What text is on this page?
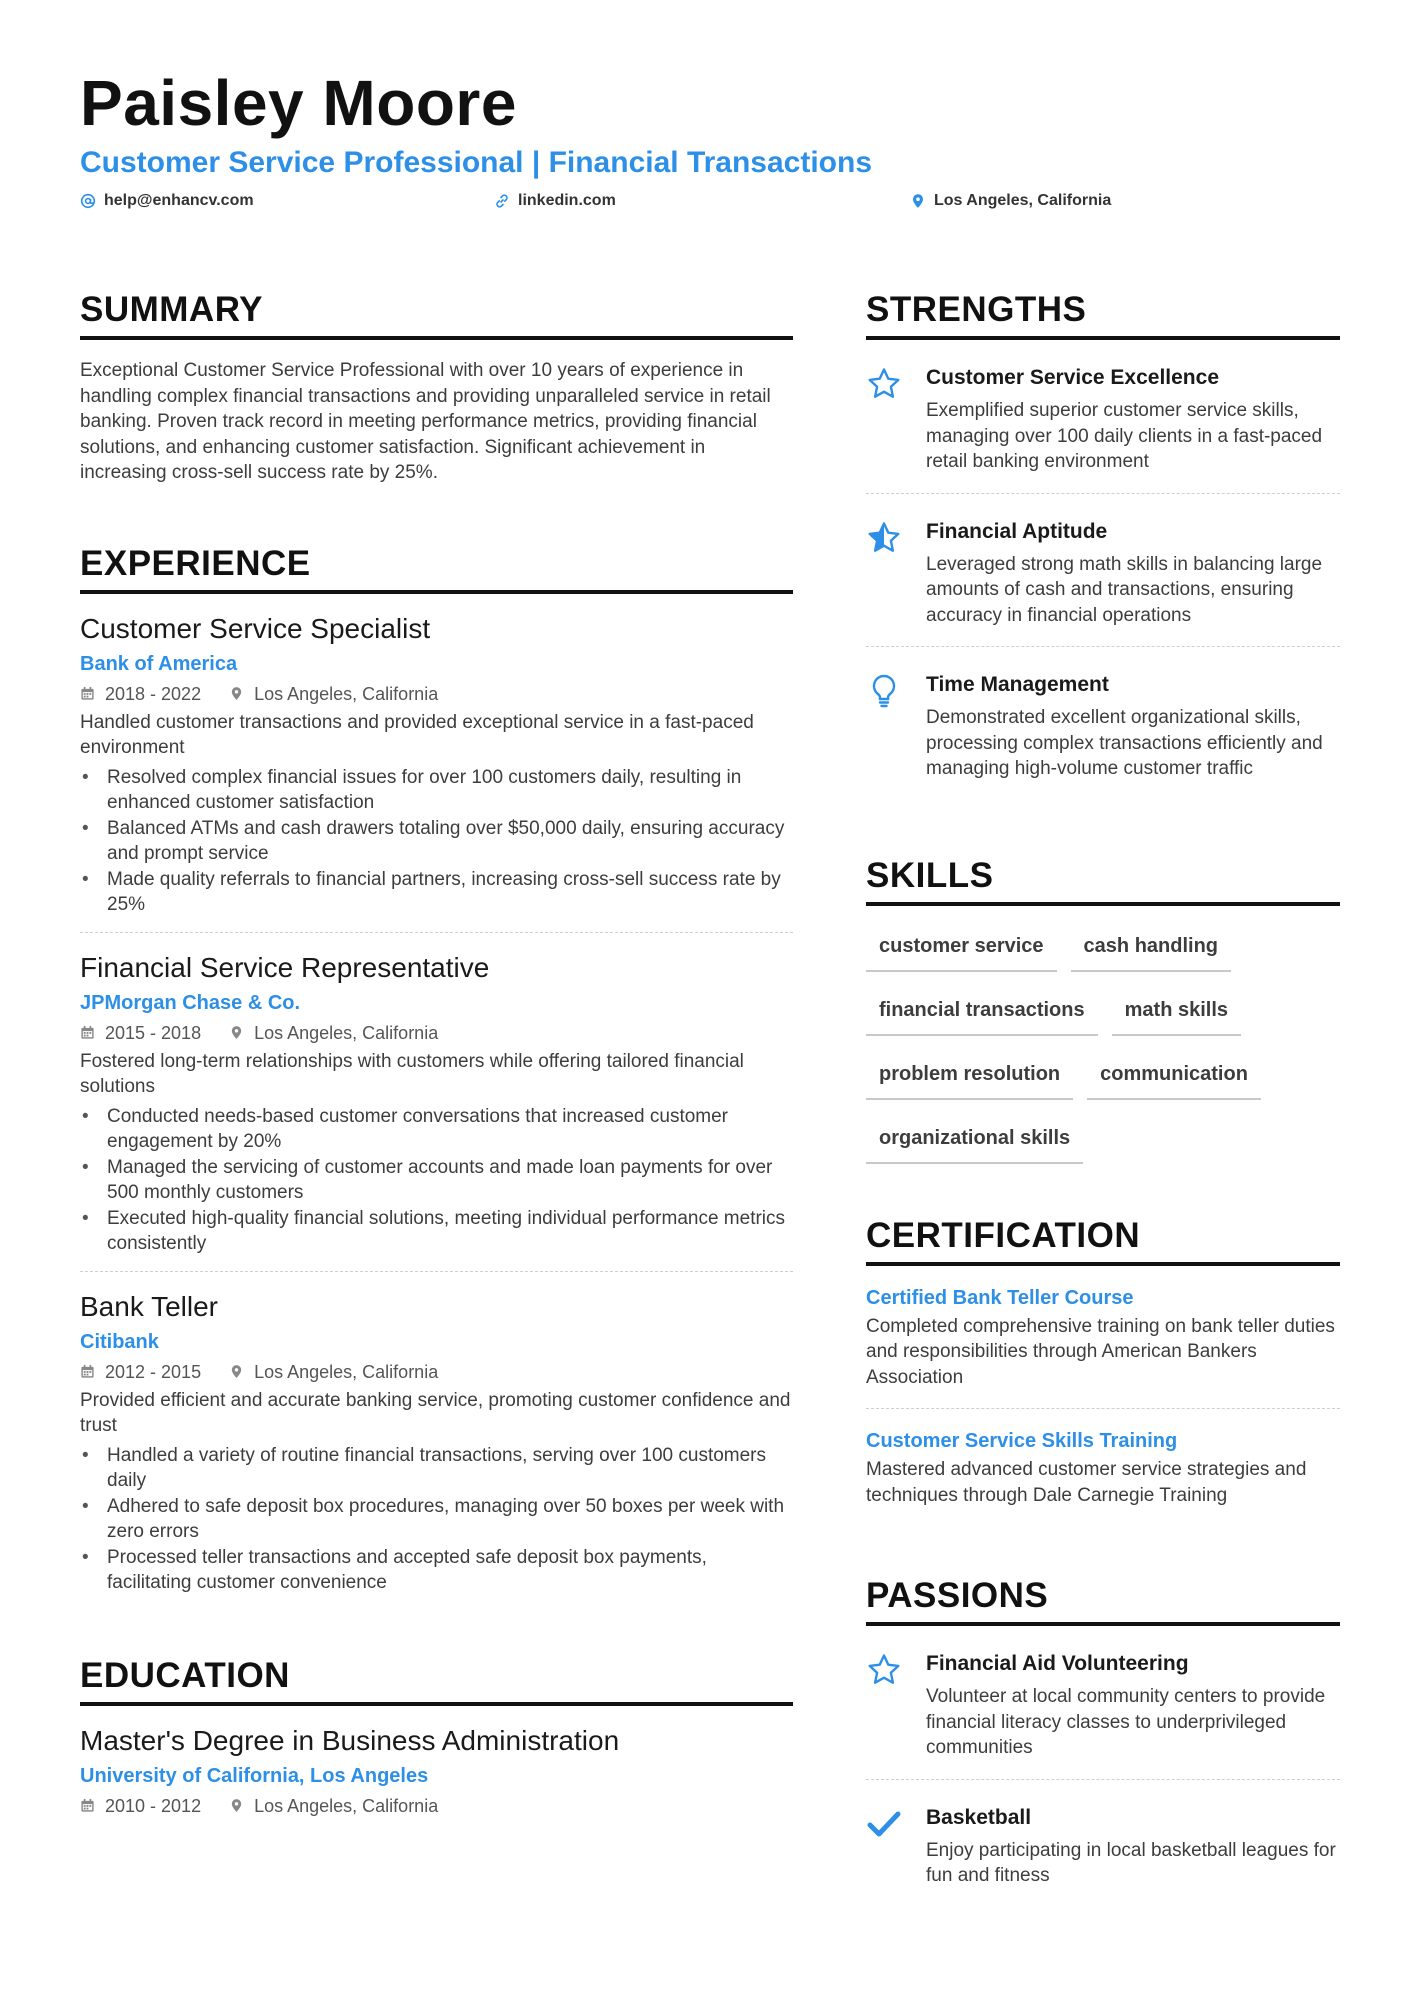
Paisley Moore
Customer Service Professional | Financial Transactions
help@enhancv.com	linkedin.com	Los Angeles, California
SUMMARY
Exceptional Customer Service Professional with over 10 years of experience in handling complex financial transactions and providing unparalleled service in retail banking. Proven track record in meeting performance metrics, providing financial solutions, and enhancing customer satisfaction. Significant achievement in increasing cross-sell success rate by 25%.
EXPERIENCE
Customer Service Specialist
Bank of America
2018 - 2022	Los Angeles, California
Handled customer transactions and provided exceptional service in a fast-paced environment
• Resolved complex financial issues for over 100 customers daily, resulting in enhanced customer satisfaction
• Balanced ATMs and cash drawers totaling over $50,000 daily, ensuring accuracy and prompt service
• Made quality referrals to financial partners, increasing cross-sell success rate by 25%
Financial Service Representative
JPMorgan Chase & Co.
2015 - 2018	Los Angeles, California
Fostered long-term relationships with customers while offering tailored financial solutions
• Conducted needs-based customer conversations that increased customer engagement by 20%
• Managed the servicing of customer accounts and made loan payments for over 500 monthly customers
• Executed high-quality financial solutions, meeting individual performance metrics consistently
Bank Teller
Citibank
2012 - 2015	Los Angeles, California
Provided efficient and accurate banking service, promoting customer confidence and trust
• Handled a variety of routine financial transactions, serving over 100 customers daily
• Adhered to safe deposit box procedures, managing over 50 boxes per week with zero errors
• Processed teller transactions and accepted safe deposit box payments, facilitating customer convenience
EDUCATION
Master's Degree in Business Administration
University of California, Los Angeles
2010 - 2012	Los Angeles, California
STRENGTHS
Customer Service Excellence
Exemplified superior customer service skills, managing over 100 daily clients in a fast-paced retail banking environment
Financial Aptitude
Leveraged strong math skills in balancing large amounts of cash and transactions, ensuring accuracy in financial operations
Time Management
Demonstrated excellent organizational skills, processing complex transactions efficiently and managing high-volume customer traffic
SKILLS
customer service	cash handling
financial transactions	math skills
problem resolution	communication
organizational skills
CERTIFICATION
Certified Bank Teller Course
Completed comprehensive training on bank teller duties and responsibilities through American Bankers Association
Customer Service Skills Training
Mastered advanced customer service strategies and techniques through Dale Carnegie Training
PASSIONS
Financial Aid Volunteering
Volunteer at local community centers to provide financial literacy classes to underprivileged communities
Basketball
Enjoy participating in local basketball leagues for fun and fitness
